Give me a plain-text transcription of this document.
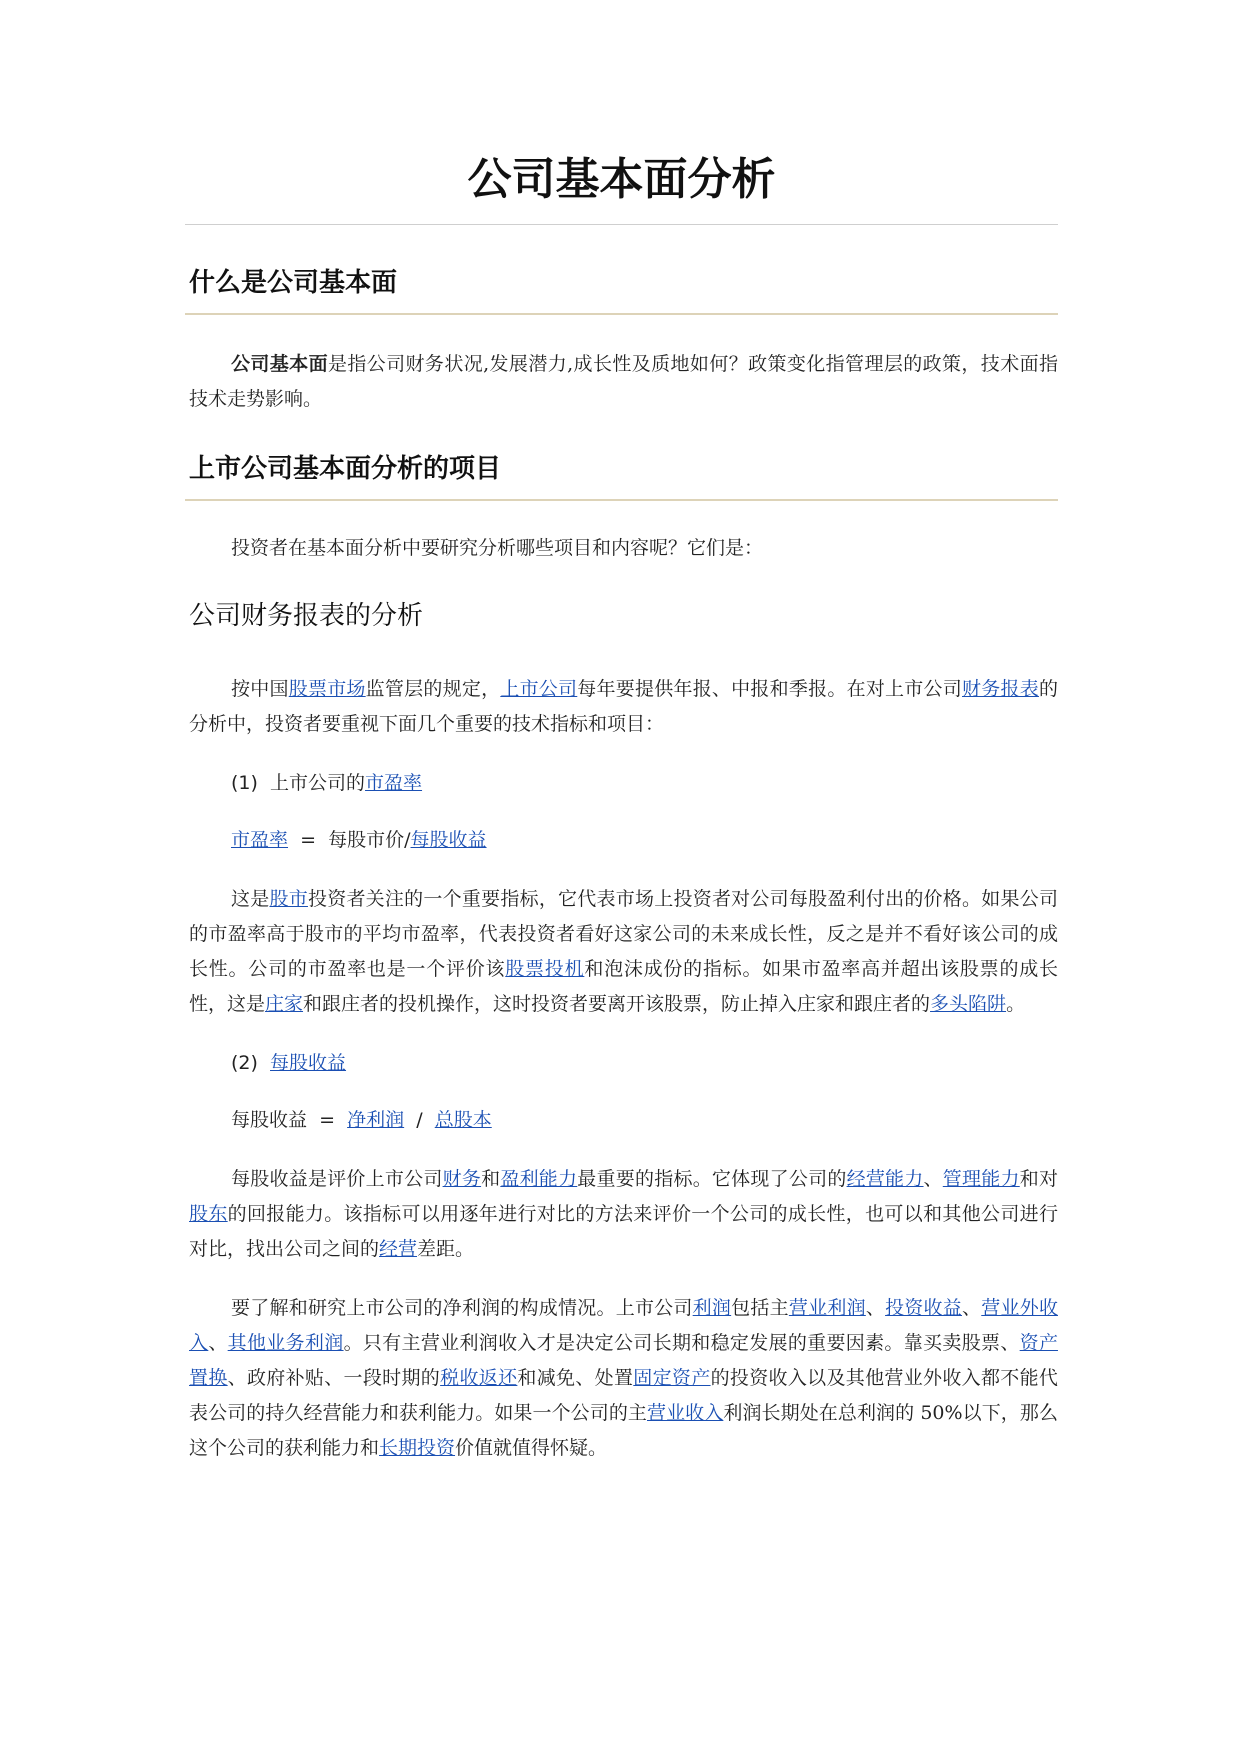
公司基本面分析
什么是公司基本面

公司基本面是指公司财务状况,发展潜力,成长性及质地如何？政策变化指管理层的政策，技术面指技术走势影响。

上市公司基本面分析的项目

投资者在基本面分析中要研究分析哪些项目和内容呢？它们是：

公司财务报表的分析

按中国股票市场监管层的规定，上市公司每年要提供年报、中报和季报。在对上市公司财务报表的分析中，投资者要重视下面几个重要的技术指标和项目：

(1) 上市公司的市盈率

市盈率 = 每股市价/每股收益

这是股市投资者关注的一个重要指标，它代表市场上投资者对公司每股盈利付出的价格。如果公司的市盈率高于股市的平均市盈率，代表投资者看好这家公司的未来成长性，反之是并不看好该公司的成长性。公司的市盈率也是一个评价该股票投机和泡沫成份的指标。如果市盈率高并超出该股票的成长性，这是庄家和跟庄者的投机操作，这时投资者要离开该股票，防止掉入庄家和跟庄者的多头陷阱。

(2) 每股收益

每股收益 = 净利润 / 总股本

每股收益是评价上市公司财务和盈利能力最重要的指标。它体现了公司的经营能力、管理能力和对股东的回报能力。该指标可以用逐年进行对比的方法来评价一个公司的成长性，也可以和其他公司进行对比，找出公司之间的经营差距。

要了解和研究上市公司的净利润的构成情况。上市公司利润包括主营业利润、投资收益、营业外收入、其他业务利润。只有主营业利润收入才是决定公司长期和稳定发展的重要因素。靠买卖股票、资产置换、政府补贴、一段时期的税收返还和减免、处置固定资产的投资收入以及其他营业外收入都不能代表公司的持久经营能力和获利能力。如果一个公司的主营业收入利润长期处在总利润的 50%以下，那么这个公司的获利能力和长期投资价值就值得怀疑。
